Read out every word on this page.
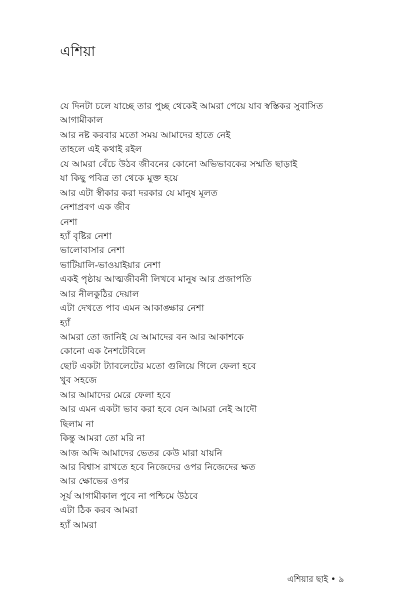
এশিয়া
যে দিনটা চলে যাচ্ছে তার পুচ্ছ থেকেই আমরা পেয়ে যাব স্বস্তিকর সুবাসিত
আগামীকাল
আর নষ্ট করবার মতো সময় আমাদের হাতে নেই
তাহলে এই কথাই রইল
যে আমরা বেঁচে উঠব জীবনের কোনো অভিভাবকের সম্মতি ছাড়াই
যা কিছু পবিত্র তা থেকে মুক্ত হয়ে
আর এটা স্বীকার করা দরকার যে মানুষ মূলত
নেশাপ্রবণ এক জীব
নেশা
হ্যাঁ বৃষ্টির নেশা
ভালোবাসার নেশা
ভাটিয়ালি-ভাওয়াইয়ার নেশা
একই পৃষ্ঠায় আত্মজীবনী লিখবে মানুষ আর প্রজাপতি
আর নীলকুঠির দেয়াল
এটা দেখতে পাব এমন আকাঙ্ক্ষার নেশা
হ্যাঁ
আমরা তো জানিই যে আমাদের বন আর আকাশকে
কোনো এক নৈশটেবিলে
ছোট একটা ট্যাবলেটের মতো গুলিয়ে গিলে ফেলা হবে
খুব সহজে
আর আমাদের মেরে ফেলা হবে
আর এমন একটা ভাব করা হবে যেন আমরা নেই আদৌ
ছিলাম না
কিন্তু আমরা তো মরি না
আজ অব্দি আমাদের ভেতর কেউ মারা যায়নি
আর বিশ্বাস রাখতে হবে নিজেদের ওপর নিজেদের ক্ষত
আর ক্ষোভের ওপর
সূর্য আগামীকাল পুবে না পশ্চিমে উঠবে
এটা ঠিক করব আমরা
হ্যাঁ আমরা
এশিয়ার ছাই • ৯
